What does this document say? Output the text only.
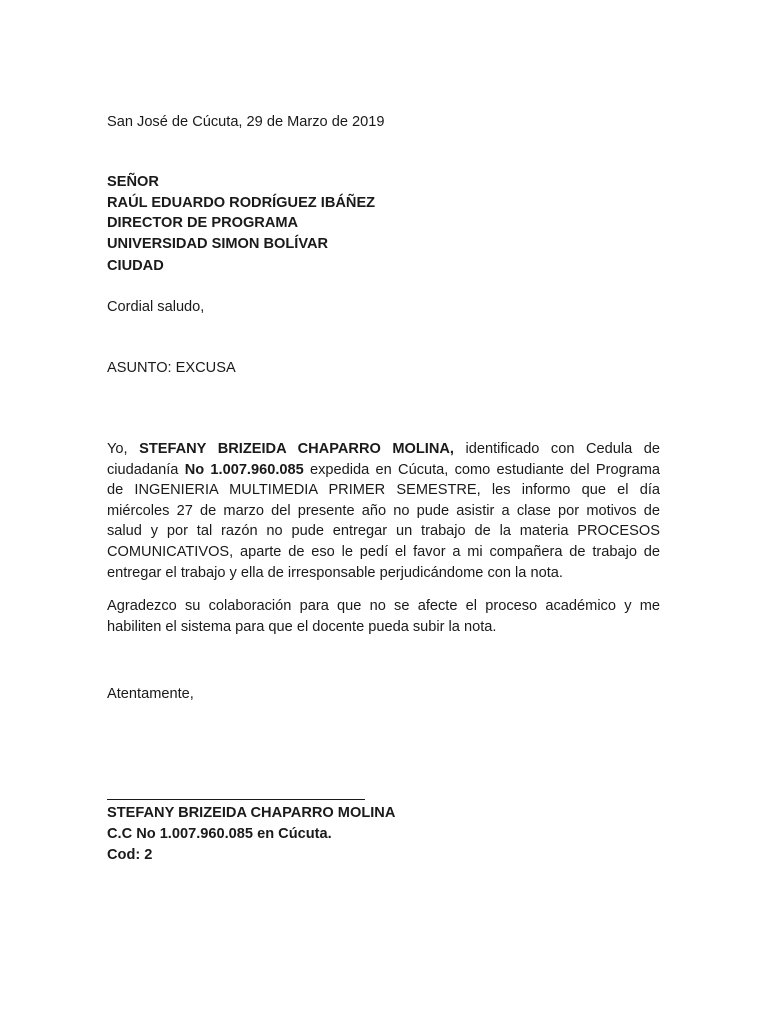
San José de Cúcuta, 29 de Marzo de 2019
SEÑOR
RAÚL EDUARDO RODRÍGUEZ IBÁÑEZ
DIRECTOR DE PROGRAMA
UNIVERSIDAD SIMON BOLÍVAR
CIUDAD
Cordial saludo,
ASUNTO: EXCUSA
Yo, STEFANY BRIZEIDA CHAPARRO MOLINA, identificado con Cedula de
ciudadanía No 1.007.960.085 expedida en Cúcuta, como estudiante del Programa
de INGENIERIA MULTIMEDIA PRIMER SEMESTRE, les informo que el día
miércoles 27 de marzo del presente año no pude asistir a clase por motivos de
salud y por tal razón no pude entregar un trabajo de la materia PROCESOS
COMUNICATIVOS, aparte de eso le pedí el favor a mi compañera de trabajo de
entregar el trabajo y ella de irresponsable perjudicándome con la nota.
Agradezco su colaboración para que no se afecte el proceso académico y me
habiliten el sistema para que el docente pueda subir la nota.
Atentamente,
STEFANY BRIZEIDA CHAPARRO MOLINA
C.C No 1.007.960.085 en Cúcuta.
Cod: 2
